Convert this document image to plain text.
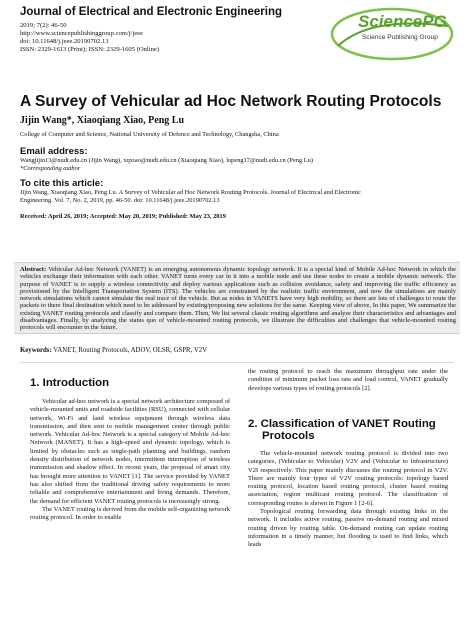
Journal of Electrical and Electronic Engineering
2019; 7(2): 46-50
http://www.sciencepublishinggroup.com/j/jeee
doi: 10.11648/j.jeee.20190702.13
ISSN: 2329-1613 (Print); ISSN: 2329-1605 (Online)
SciencePG
Science Publishing Group
A Survey of Vehicular ad Hoc Network Routing Protocols
Jijin Wang*, Xiaoqiang Xiao, Peng Lu
College of Computer and Science, National University of Defence and Technology, Changsha, China
Email address:
Wangjijin13@nudt.edu.cn (Jijin Wang), xqxiao@nudt.edu.cn (Xiaoqiang Xiao), lupeng17@nudt.edu.cn (Peng Lu)
*Corresponding author
To cite this article:
Jijin Wang, Xiaoqiang Xiao, Peng Lu. A Survey of Vehicular ad Hoc Network Routing Protocols. Journal of Electrical and Electronic
Engineering. Vol. 7, No. 2, 2019, pp. 46-50. doi: 10.11648/j.jeee.20190702.13
Received: April 26, 2019; Accepted: May 20, 2019; Published: May 23, 2019
Abstract: Vehicular Ad-hoc Network (VANET) is an emerging autonomous dynamic topology network. It is a special kind of Mobile Ad-hoc Network in which the vehicles exchange their information with each other. VANET turns every car in it into a mobile node and use these nodes to create a mobile dynamic network. The purpose of VANET is to supply a wireless connectivity and deploy various applications such as collision avoidance, safety and improving the traffic efficiency as provisioned by the Intelligent Transportation System (ITS). The vehicles are constrained by the realistic traffic environment, and now the simulations are mainly network simulations which cannot simulate the real trace of the vehicle. But as nodes in VANETS have very high mobility, so there are lots of challenges to route the packets to there final destination which need to be addressed by existing/proposing new solutions for the same. Keeping view of above, In this paper, We summarize the existing VANET routing protocols and classify and compare them. Then, We list several classic routing algorithms and analyze their characteristics and advantages and disadvantages. Finally, by analyzing the status quo of vehicle-mounted routing protocols, we illustrate the difficulties and challenges that vehicle-mounted routing protocols will encounter in the future.
Keywords: VANET, Routing Protocols, ADOV, OLSR, GSPR, V2V
1. Introduction

Vehicular ad-hoc network is a special network architecture composed of vehicle-mounted units and roadside facilities (RSU), connected with cellular network, Wi-Fi and land wireless equipment through wireless data transmission, and then sent to mobile management center through public network. Vehicular Ad-hoc Network is a special category of Mobile Ad-hoc Network (MANET). It has a high-speed and dynamic topology, which is limited by obstacles such as single-path planning and buildings, random density distribution of network nodes, intermittent interruption of wireless transmission and shadow effect. In recent years, the proposal of smart city has brought more attention to VANET [1]. The service provided by VANET has also shifted from the traditional driving safety requirements to more reliable and comprehensive entertainment and living demands. Therefore, the demand for efficient VANET routing protocols is increasingly strong.

The VANET routing is derived from the mobile self-organizing network routing protocol. In order to enable

the routing protocol to reach the maximum throughput rate under the condition of minimum packet loss rate and load control, VANET gradually develops various types of routing protocols [2].

2. Classification of VANET Routing
Protocols

The vehicle-mounted network routing protocol is divided into two categories, (Vehicular to Vehicular) V2V and (Vehicular to Infrastructure) V2I respectively. This paper mainly discusses the routing protocol in V2V. There are mainly four types of V2V routing protocols: topology based routing protocol, location based routing protocol, cluster based routing association, region multicast routing protocol. The classification of corresponding routes is shown in Figure 1 [2-6].

Topological routing forwarding data through existing links in the network. It includes active routing, passive on-demand routing and mixed routing driven by routing table. On-demand routing can update routing information in a timely manner, but flooding is used to find links, which leads
